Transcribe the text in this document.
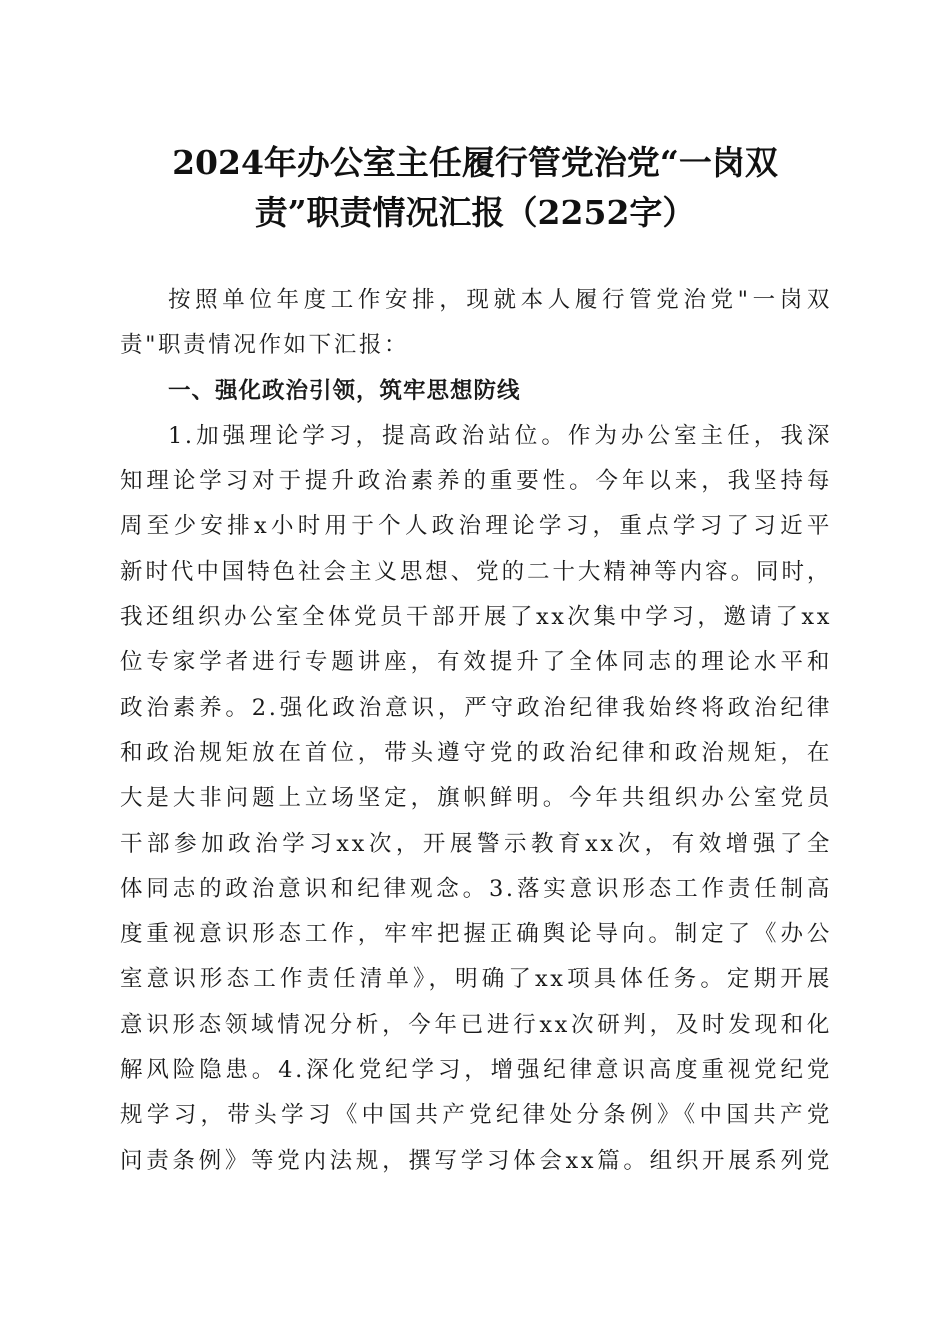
2024年办公室主任履行管党治党“一岗双
责”职责情况汇报（2252字）
按照单位年度工作安排，现就本人履行管党治党"一岗双
责"职责情况作如下汇报：
一、强化政治引领，筑牢思想防线
1.加强理论学习，提高政治站位。作为办公室主任，我深
知理论学习对于提升政治素养的重要性。今年以来，我坚持每
周至少安排x小时用于个人政治理论学习，重点学习了习近平
新时代中国特色社会主义思想、党的二十大精神等内容。同时，
我还组织办公室全体党员干部开展了xx次集中学习，邀请了xx
位专家学者进行专题讲座，有效提升了全体同志的理论水平和
政治素养。2.强化政治意识，严守政治纪律我始终将政治纪律
和政治规矩放在首位，带头遵守党的政治纪律和政治规矩，在
大是大非问题上立场坚定，旗帜鲜明。今年共组织办公室党员
干部参加政治学习xx次，开展警示教育xx次，有效增强了全
体同志的政治意识和纪律观念。3.落实意识形态工作责任制高
度重视意识形态工作，牢牢把握正确舆论导向。制定了《办公
室意识形态工作责任清单》，明确了xx项具体任务。定期开展
意识形态领域情况分析，今年已进行xx次研判，及时发现和化
解风险隐患。4.深化党纪学习，增强纪律意识高度重视党纪党
规学习，带头学习《中国共产党纪律处分条例》《中国共产党
问责条例》等党内法规，撰写学习体会xx篇。组织开展系列党
